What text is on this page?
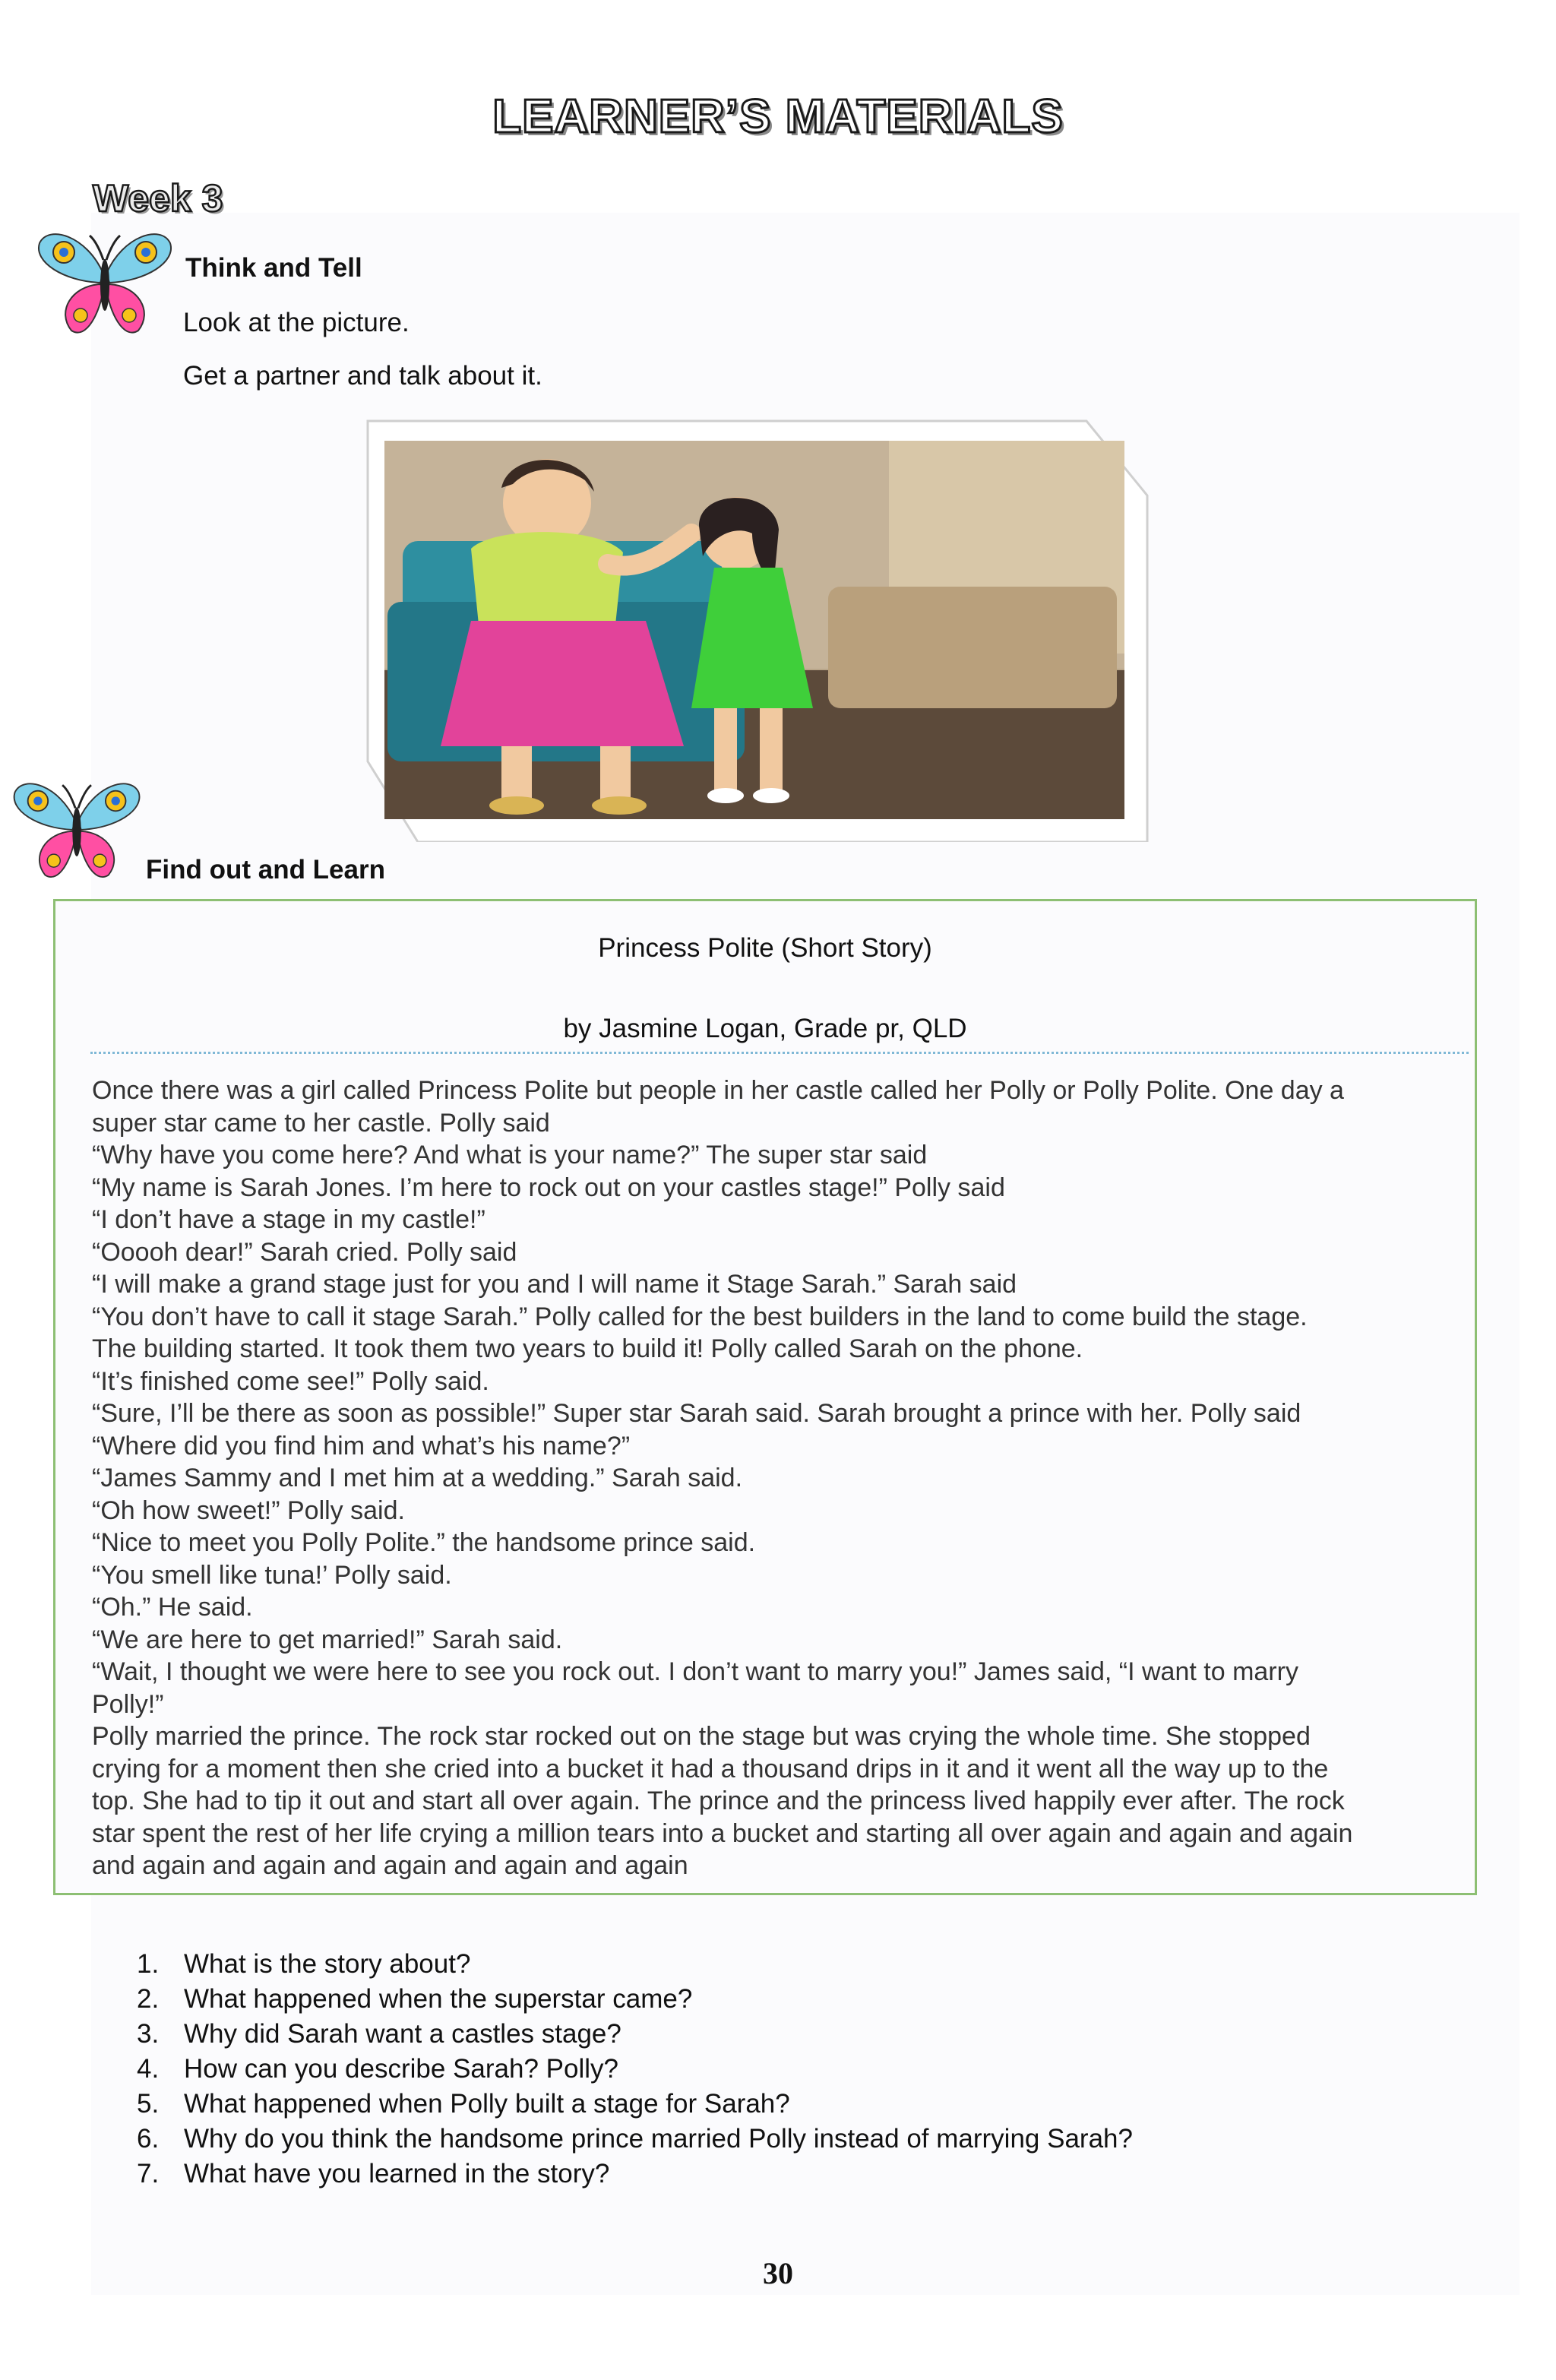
LEARNER’S MATERIALS
Week 3
Think and Tell
Look at the picture.
Get a partner and talk about it.
Find out and Learn
Princess Polite (Short Story)
by Jasmine Logan, Grade pr, QLD
Once there was a girl called Princess Polite but people in her castle called her Polly or Polly Polite. One day a
super star came to her castle. Polly said
“Why have you come here? And what is your name?” The super star said
“My name is Sarah Jones. I’m here to rock out on your castles stage!” Polly said
“I don’t have a stage in my castle!”
“Ooooh dear!” Sarah cried. Polly said
“I will make a grand stage just for you and I will name it Stage Sarah.” Sarah said
“You don’t have to call it stage Sarah.” Polly called for the best builders in the land to come build the stage.
The building started. It took them two years to build it! Polly called Sarah on the phone.
“It’s finished come see!” Polly said.
“Sure, I’ll be there as soon as possible!” Super star Sarah said. Sarah brought a prince with her. Polly said
“Where did you find him and what’s his name?”
“James Sammy and I met him at a wedding.” Sarah said.
“Oh how sweet!” Polly said.
“Nice to meet you Polly Polite.” the handsome prince said.
“You smell like tuna!’ Polly said.
“Oh.” He said.
“We are here to get married!” Sarah said.
“Wait, I thought we were here to see you rock out. I don’t want to marry you!” James said, “I want to marry
Polly!”
Polly married the prince. The rock star rocked out on the stage but was crying the whole time. She stopped
crying for a moment then she cried into a bucket it had a thousand drips in it and it went all the way up to the
top. She had to tip it out and start all over again. The prince and the princess lived happily ever after. The rock
star spent the rest of her life crying a million tears into a bucket and starting all over again and again and again
and again and again and again and again and again
1. What is the story about?
2. What happened when the superstar came?
3. Why did Sarah want a castles stage?
4. How can you describe Sarah? Polly?
5. What happened when Polly built a stage for Sarah?
6. Why do you think the handsome prince married Polly instead of marrying Sarah?
7. What have you learned in the story?
30
